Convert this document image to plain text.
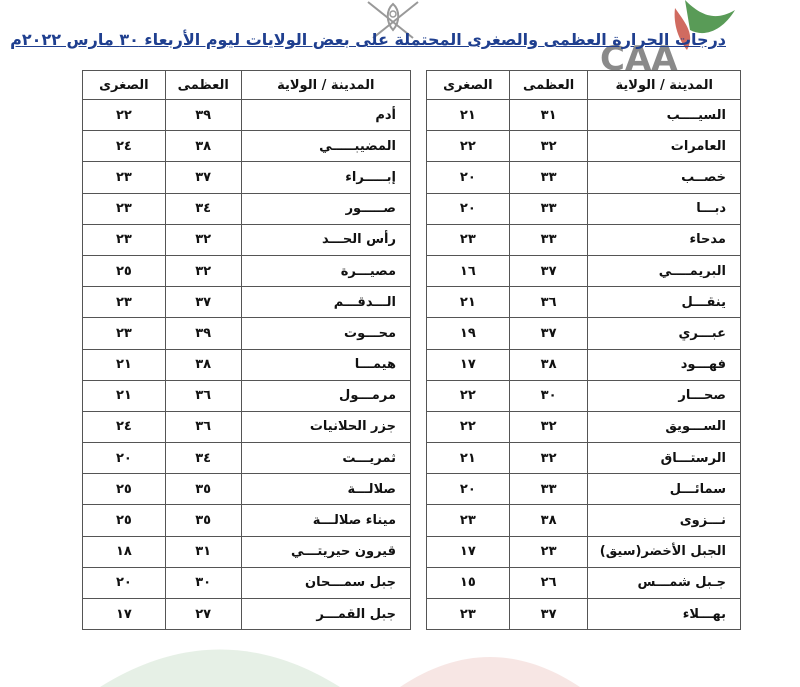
CAA
درجات الحرارة العظمى والصغرى المحتملة على بعض الولايات ليوم الأربعاء ٣٠ مارس ٢٠٢٢م
المدينة / الولاية	العظمى	الصغرى
أدم	٣٩	٢٢
المضيبـــــي	٣٨	٢٤
إبـــــراء	٣٧	٢٣
صـــــور	٣٤	٢٣
رأس الحـــد	٣٢	٢٣
مصيـــرة	٣٢	٢٥
الـــدقـــم	٣٧	٢٣
محـــوت	٣٩	٢٣
هيمـــا	٣٨	٢١
مرمـــول	٣٦	٢١
جزر الحلانيات	٣٦	٢٤
ثمريـــت	٣٤	٢٠
صلالـــة	٣٥	٢٥
ميناء صلالـــة	٣٥	٢٥
قيرون حيريتـــي	٣١	١٨
جبل سمـــحان	٣٠	٢٠
جبل القمـــر	٢٧	١٧
المدينة / الولاية	العظمى	الصغرى
السيــــب	٣١	٢١
العامرات	٣٢	٢٢
خصــب	٣٣	٢٠
دبـــا	٣٣	٢٠
مدحاء	٣٣	٢٣
البريمــــي	٣٧	١٦
ينقـــل	٣٦	٢١
عبـــري	٣٧	١٩
فهـــود	٣٨	١٧
صحـــار	٣٠	٢٢
الســـويق	٣٢	٢٢
الرستـــاق	٣٢	٢١
سمائـــل	٣٣	٢٠
نـــزوى	٣٨	٢٣
الجبل الأخضر(سيق)	٢٣	١٧
جـبل شمـــس	٢٦	١٥
بهـــلاء	٣٧	٢٣
